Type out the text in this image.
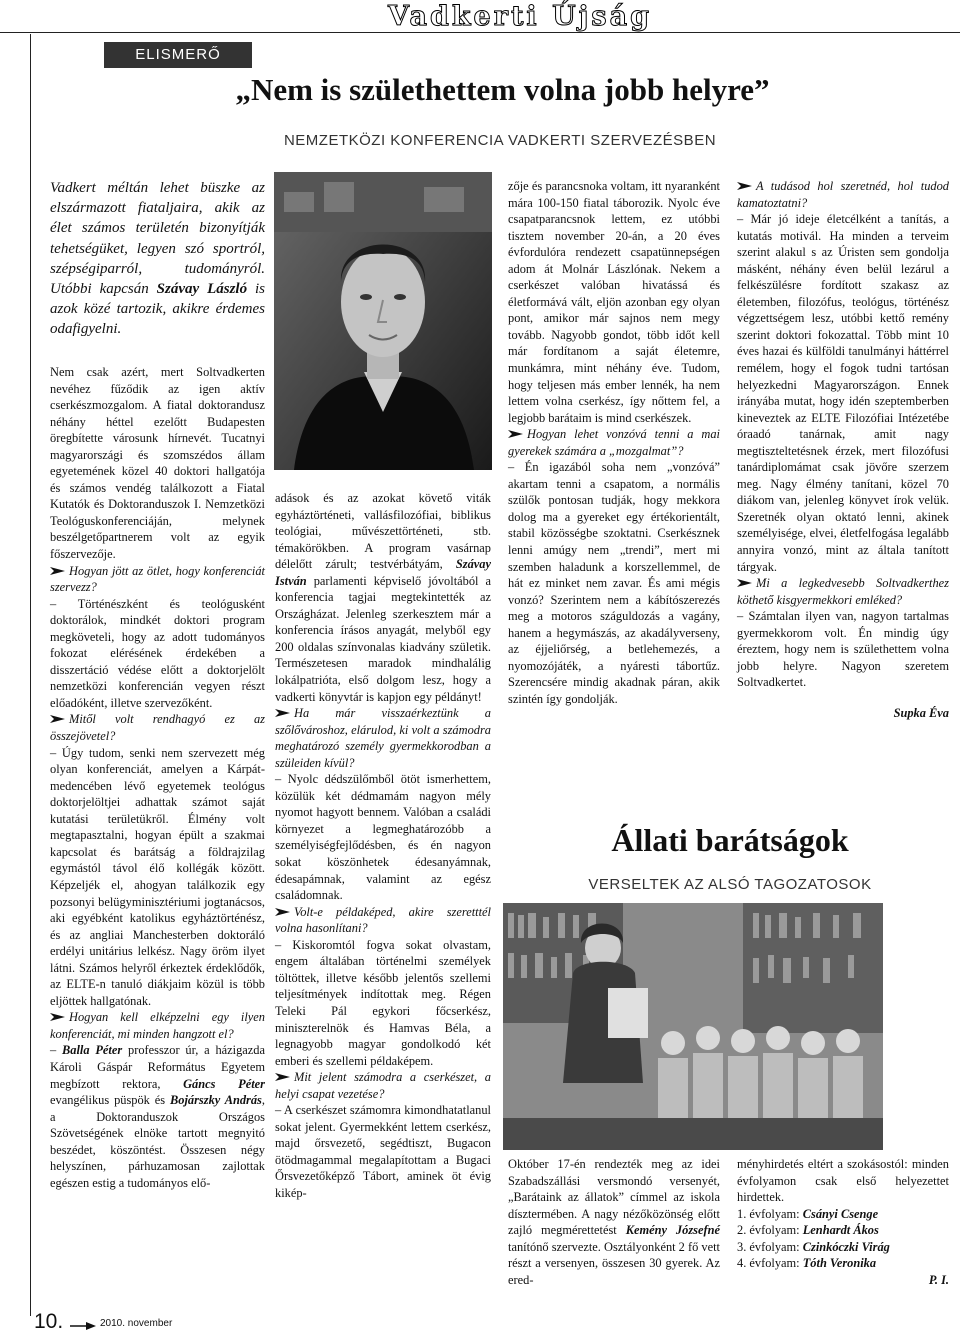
Vadkerti Újság
ELISMERŐ
„Nem is születhettem volna jobb helyre”
NEMZETKÖZI KONFERENCIA VADKERTI SZERVEZÉSBEN
Vadkert méltán lehet büszke az elszármazott fiataljaira, akik az élet számos területén bizonyítják tehetségüket, legyen szó sportról, szépségiparról, tudományról. Utóbbi kapcsán Szávay László is azok közé tartozik, akikre érdemes odafigyelni.

Nem csak azért, mert Soltvadkerten nevéhez fűződik az igen aktív cserkészmozgalom. A fiatal doktorandusz néhány héttel ezelőtt Budapesten öregbítette városunk hírnevét. Tucatnyi magyarországi és szomszédos állam egyetemének közel 40 doktori hallgatója és számos vendég találkozott a Fiatal Kutatók és Doktoranduszok I. Nemzetközi Teológuskonferenciáján, melynek beszélgetőpartnerem volt az egyik főszervezője.

Hogyan jött az ötlet, hogy konferenciát szervezz?

– Történészként és teológusként doktorálok, mindkét doktori program megköveteli, hogy az adott tudományos fokozat elérésének érdekében a disszertáció védése előtt a doktorjelölt nemzetközi konferencián vegyen részt előadóként, illetve szervezőként.

Mitől volt rendhagyó ez az összejövetel?

– Úgy tudom, senki nem szervezett még olyan konferenciát, amelyen a Kárpát-medencében lévő egyetemek teológus doktorjelöltjei adhattak számot saját kutatási területükről. Élmény volt megtapasztalni, hogyan épült a szakmai kapcsolat és barátság a földrajzilag egymástól távol élő kollégák között. Képzeljék el, ahogyan találkozik egy pozsonyi belügyminisztériumi jogtanácsos, aki egyébként katolikus egyháztörténész, és az angliai Manchesterben doktoráló erdélyi unitárius lelkész. Nagy öröm ilyet látni. Számos helyről érkeztek érdeklődők, az ELTE-n tanuló diákjaim közül is több eljöttek hallgatónak.

Hogyan kell elképzelni egy ilyen konferenciát, mi minden hangzott el?

– Balla Péter professzor úr, a házigazda Károli Gáspár Református Egyetem megbízott rektora, Gáncs Péter evangélikus püspök és Bojárszky András, a Doktoranduszok Országos Szövetségének elnöke tartott megnyitó beszédet, köszöntést. Összesen négy helyszínen, párhuzamosan zajlottak egészen estig a tudományos elő-

adások és az azokat követő viták egyháztörténeti, vallásfilozófiai, biblikus teológiai, művészettörténeti, stb. témakörökben. A program vasárnap délelőtt zárult; testvérbátyám, Szávay István parlamenti képviselő jóvoltából a konferencia tagjai megtekintették az Országházat. Jelenleg szerkesztem már a konferencia írásos anyagát, melyből egy 200 oldalas színvonalas kiadvány születik. Természetesen maradok mindhalálig lokálpatrióta, első dolgom lesz, hogy a vadkerti könyvtár is kapjon egy példányt!

Ha már visszaérkeztünk a szőlővároshoz, elárulod, ki volt a számodra meghatározó személy gyermekkorodban a szüleiden kívül?

– Nyolc dédszülőmből ötöt ismerhettem, közülük két dédmamám nagyon mély nyomot hagyott bennem. Valóban a családi környezet a legmeghatározóbb a személyiségfejlődésben, és én nagyon sokat köszönhetek édesanyámnak, édesapámnak, valamint az egész családomnak.

Volt-e példaképed, akire szeretttél volna hasonlítani?

– Kiskoromtól fogva sokat olvastam, engem általában történelmi személyek töltöttek, illetve később jelentős szellemi teljesítmények indítottak meg. Régen Teleki Pál egykori főcserkész, miniszterelnök és Hamvas Béla, a legnagyobb magyar gondolkodó két emberi és szellemi példaképem.

Mit jelent számodra a cserkészet, a helyi csapat vezetése?

– A cserkészet számomra kimondhatatlanul sokat jelent. Gyermekként lettem cserkész, majd őrsvezető, segédtiszt, Bugacon ötödmagammal megalapítottam a Bugaci Őrsvezetőképző Tábort, aminek öt évig kikép-

zője és parancsnoka voltam, itt nyaranként mára 100-150 fiatal táborozik. Nyolc éve csapatparancsnok lettem, ez utóbbi tisztem november 20-án, a 20 éves évfordulóra rendezett csapatünnepségen adom át Molnár Lászlónak. Nekem a cserkészet valóban hivatássá és életformává vált, eljön azonban egy olyan pont, amikor már sajnos nem megy tovább. Nagyobb gondot, több időt kell már fordítanom a saját életemre, munkámra, mint néhány éve. Tudom, hogy teljesen más ember lennék, ha nem lettem volna cserkész, így nőttem fel, a legjobb barátaim is mind cserkészek.

Hogyan lehet vonzóvá tenni a mai gyerekek számára a „mozgalmat”?

– Én igazából soha nem „vonzóvá” akartam tenni a csapatom, a normális szülők pontosan tudják, hogy mekkora dolog ma a gyereket egy értékorientált, stabil közösségbe szoktatni. Cserkésznek lenni amúgy nem „trendi”, mert mi szemben haladunk a korszellemmel, de hát ez minket nem zavar. És ami mégis vonzó? Szerintem nem a kábítószerezés meg a motoros száguldozás a vagány, hanem a hegymászás, az akadályverseny, az éjjeliőrség, a betlehemezés, a nyomozójáték, a nyáresti tábortűz. Szerencsére mindig akadnak páran, akik szintén így gondolják.

A tudásod hol szeretnéd, hol tudod kamatoztatni?

– Már jó ideje életcélként a tanítás, a kutatás motivál. Ha minden a terveim szerint alakul s az Úristen sem gondolja másként, néhány éven belül lezárul a felkészülésre fordított szakasz az életemben, filozófus, teológus, történész végzettségem lesz, utóbbi kettő remény szerint doktori fokozattal. Több mint 10 éves hazai és külföldi tanulmányi háttérrel remélem, hogy el fogok tudni tartósan helyezkedni Magyarországon. Ennek irányába mutat, hogy idén szeptemberben kineveztek az ELTE Filozófiai Intézetébe óraadó tanárnak, amit nagy megtiszteltetésnek érzek, mert filozófusi tanárdiplomámat csak jövőre szerzem meg. Nagy élmény tanítani, közel 70 diákom van, jelenleg könyvet írok velük. Szeretnék olyan oktató lenni, akinek személyisége, elvei, életfelfogása legalább annyira vonzó, mint az általa tanított tárgyak.

Mi a legkedvesebb Soltvadkerthez köthető kisgyermekkori emléked?

– Számtalan ilyen van, nagyon tartalmas gyermekkorom volt. Én mindig úgy éreztem, hogy nem is születhettem volna jobb helyre. Nagyon szeretem Soltvadkertet.

Supka Éva

Állati barátságok
VERSELTEK AZ ALSÓ TAGOZATOSOK

Október 17-én rendezték meg az idei Szabadszállási versmondó versenyét, „Barátaink az állatok” címmel az iskola dísztermében. A nagy nézőközönség előtt zajló megmérettetést Kemény Józsefné tanítónő szervezte. Osztályonként 2 fő vett részt a versenyen, összesen 30 gyerek. Az ered-

ményhirdetés eltért a szokásostól: minden évfolyamon csak első helyezettet hirdettek.

1. évfolyam: Csányi Csenge

2. évfolyam: Lenhardt Ákos

3. évfolyam: Czinkóczki Virág

4. évfolyam: Tóth Veronika

P. I.

10.	2010. november
